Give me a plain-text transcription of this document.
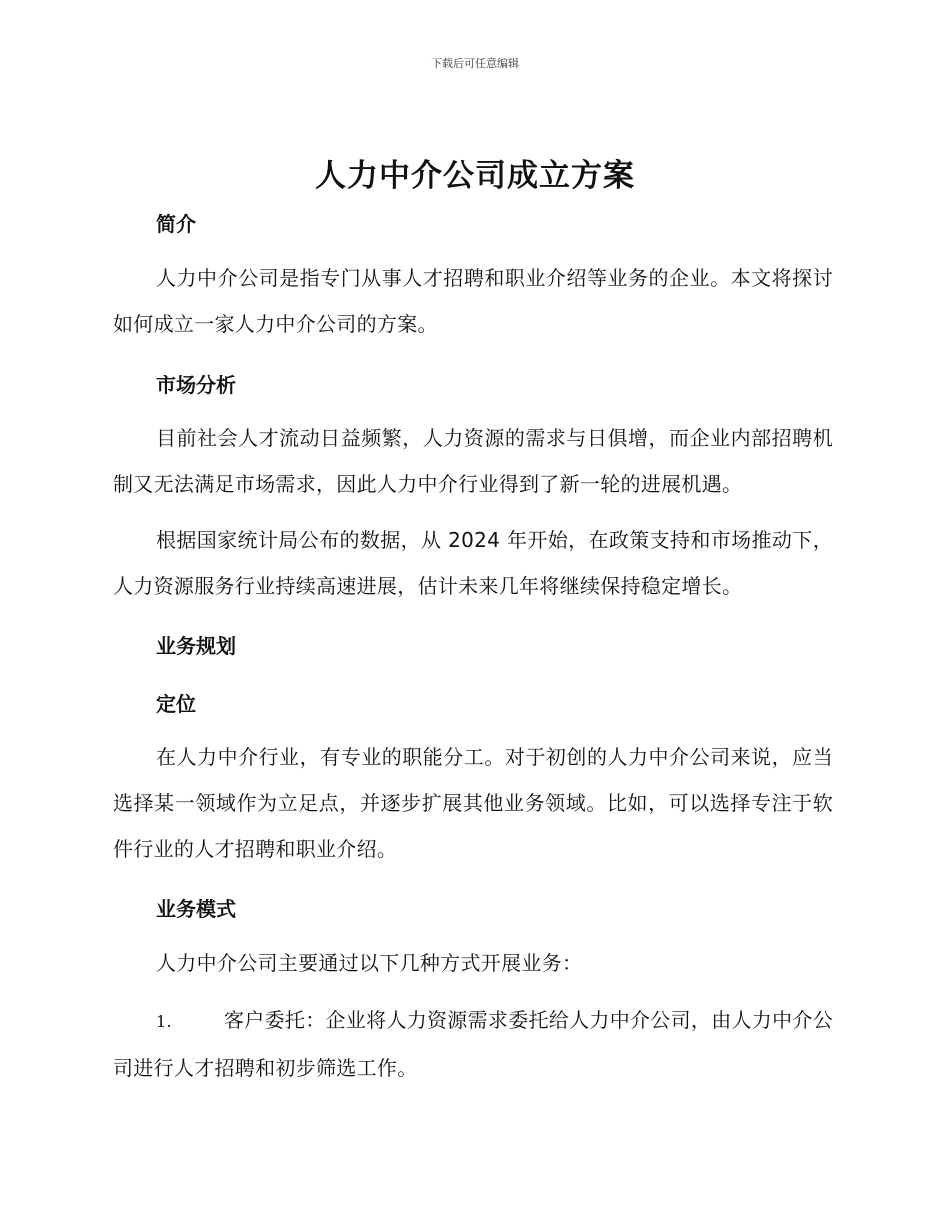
下载后可任意编辑
人力中介公司成立方案
简介

人力中介公司是指专门从事人才招聘和职业介绍等业务的企业。本文将探讨如何成立一家人力中介公司的方案。

市场分析

目前社会人才流动日益频繁，人力资源的需求与日俱增，而企业内部招聘机制又无法满足市场需求，因此人力中介行业得到了新一轮的进展机遇。

根据国家统计局公布的数据，从 2024 年开始，在政策支持和市场推动下，人力资源服务行业持续高速进展，估计未来几年将继续保持稳定增长。

业务规划
定位

在人力中介行业，有专业的职能分工。对于初创的人力中介公司来说，应当选择某一领域作为立足点，并逐步扩展其他业务领域。比如，可以选择专注于软件行业的人才招聘和职业介绍。

业务模式

人力中介公司主要通过以下几种方式开展业务：

1.	客户委托：企业将人力资源需求委托给人力中介公司，由人力中介公司进行人才招聘和初步筛选工作。
